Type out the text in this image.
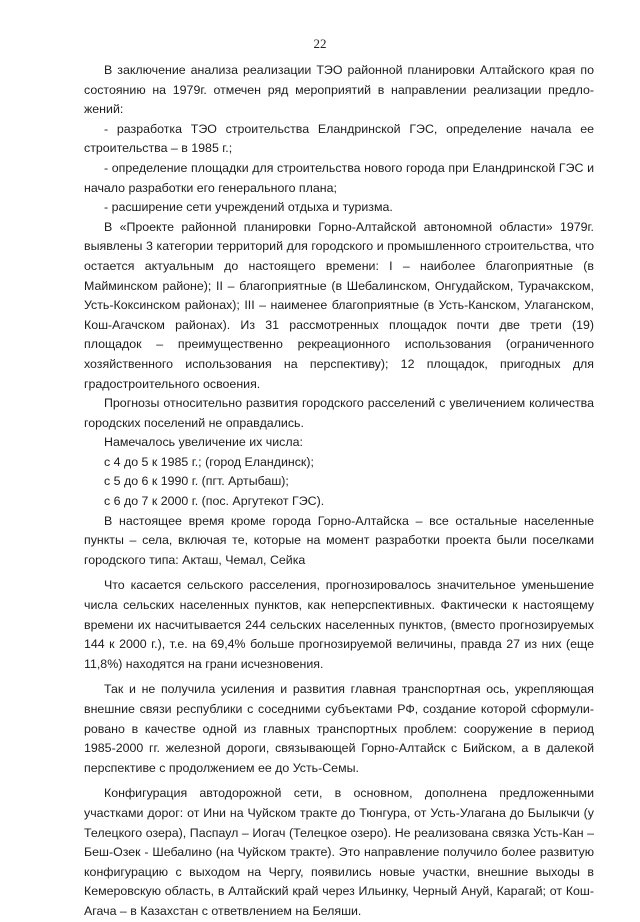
22

В заключение анализа реализации ТЭО районной планировки Алтайского края по состоянию на 1979г. отмечен ряд мероприятий в направлении реализации предложений:

- разработка ТЭО строительства Еландринской ГЭС, определение начала ее строительства – в 1985 г.;

- определение площадки для строительства нового города при Еландринской ГЭС и начало разработки его генерального плана;

- расширение сети учреждений отдыха и туризма.

В «Проекте районной планировки Горно-Алтайской автономной области» 1979г. выявлены 3 категории территорий для городского и промышленного строительства, что остается актуальным до настоящего времени: I – наиболее благоприятные (в Майминском районе); II – благоприятные (в Шебалинском, Онгудайском, Турачакском, Усть-Коксинском районах); III – наименее благоприятные (в Усть-Канском, Улаганском, Кош-Агачском районах). Из 31 рассмотренных площадок почти две трети (19) площадок – преимущественно рекреационного использования (ограниченного хозяйственного использования на перспективу); 12 площадок, пригодных для градостроительного освоения.

Прогнозы относительно развития городского расселений с увеличением количества городских поселений не оправдались.

Намечалось увеличение их числа:

с 4 до 5 к 1985 г.; (город Еландинск);

с 5 до 6 к 1990 г. (пгт. Артыбаш);

с 6 до 7 к 2000 г. (пос. Аргутекот ГЭС).

В настоящее время кроме города Горно-Алтайска – все остальные населенные пункты – села, включая те, которые на момент разработки проекта были поселками городского типа: Акташ, Чемал, Сейка

Что касается сельского расселения, прогнозировалось значительное уменьшение числа сельских населенных пунктов, как неперспективных. Фактически к настоящему времени их насчитывается 244 сельских населенных пунктов, (вместо прогнозируемых 144 к 2000 г.), т.е. на 69,4% больше прогнозируемой величины, правда 27 из них (еще 11,8%) находятся на грани исчезновения.

Так и не получила усиления и развития главная транспортная ось, укрепляющая внешние связи республики с соседними субъектами РФ, создание которой сформулировано в качестве одной из главных транспортных проблем: сооружение в период 1985-2000 гг. железной дороги, связывающей Горно-Алтайск с Бийском, а в далекой перспективе с продолжением ее до Усть-Семы.

Конфигурация автодорожной сети, в основном, дополнена предложенными участками дорог: от Ини на Чуйском тракте до Тюнгура, от Усть-Улагана до Былыкчи (у Телецкого озера), Паспаул – Иогач (Телецкое озеро). Не реализована связка Усть-Кан –Беш-Озек - Шебалино (на Чуйском тракте). Это направление получило более развитую конфигурацию с выходом на Чергу, появились новые участки, внешние выходы в Кемеровскую область, в Алтайский край через Ильинку, Черный Ануй, Карагай; от Кош-Агача – в Казахстан с ответвлением на Беляши.
